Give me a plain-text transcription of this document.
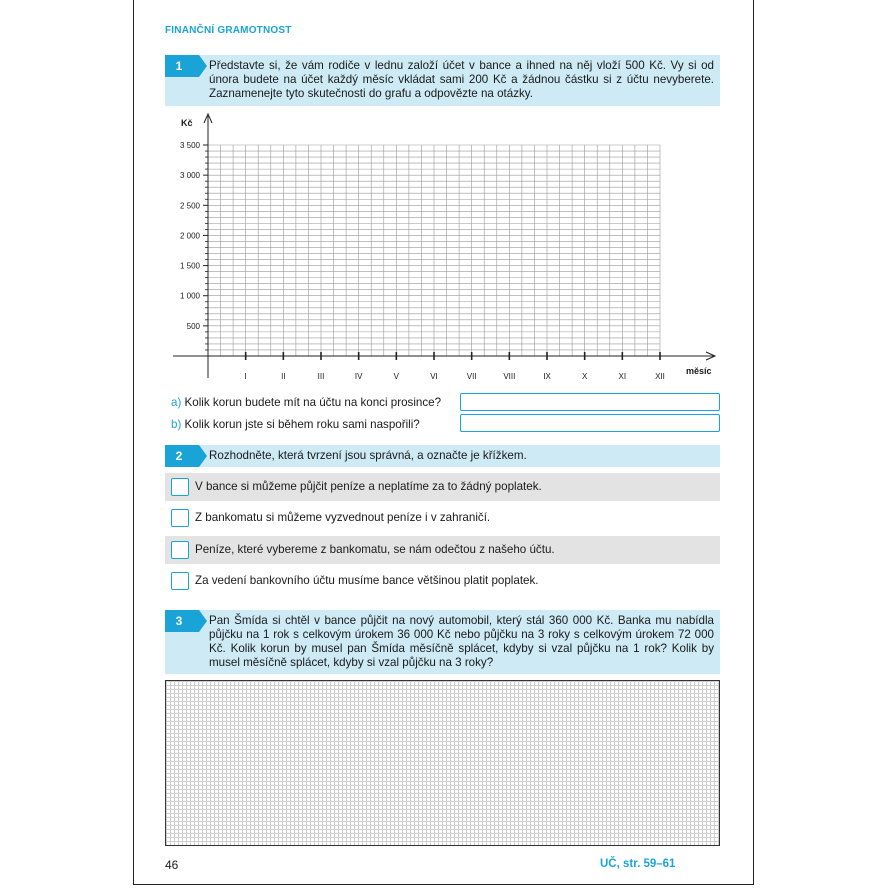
FINANČNÍ GRAMOTNOST
1	Představte si, že vám rodiče v lednu založí účet v bance a ihned na něj vloží 500 Kč. Vy si od února budete na účet každý měsíc vkládat sami 200 Kč a žádnou částku si z účtu nevyberete. Zaznamenejte tyto skutečnosti do grafu a odpovězte na otázky.
500
1 000
1 500
2 000
2 500
3 000
3 500
I	II	III	IV	V	VI	VII	VIII	IX	X	XI	XII
Kč
měsíc
a) Kolik korun budete mít na účtu na konci prosince?
b) Kolik korun jste si během roku sami naspořili?
2	Rozhodněte, která tvrzení jsou správná, a označte je křížkem.
V bance si můžeme půjčit peníze a neplatíme za to žádný poplatek.
Z bankomatu si můžeme vyzvednout peníze i v zahraničí.
Peníze, které vybereme z bankomatu, se nám odečtou z našeho účtu.
Za vedení bankovního účtu musíme bance většinou platit poplatek.
3	Pan Šmída si chtěl v bance půjčit na nový automobil, který stál 360 000 Kč. Banka mu nabídla půjčku na 1 rok s celkovým úrokem 36 000 Kč nebo půjčku na 3 roky s celkovým úrokem 72 000 Kč. Kolik korun by musel pan Šmída měsíčně splácet, kdyby si vzal půjčku na 1 rok? Kolik by musel měsíčně splácet, kdyby si vzal půjčku na 3 roky?
46	UČ, str. 59–61
